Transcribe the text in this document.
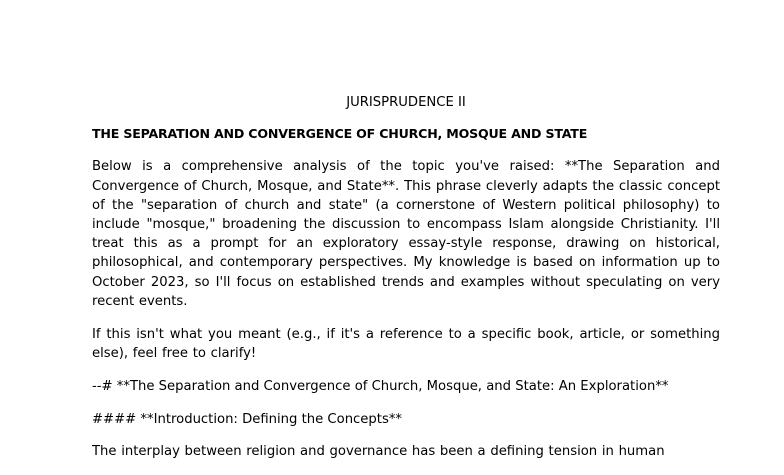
JURISPRUDENCE II
THE SEPARATION AND CONVERGENCE OF CHURCH, MOSQUE AND STATE
Below is a comprehensive analysis of the topic you've raised: **The Separation and Convergence of Church, Mosque, and State**. This phrase cleverly adapts the classic concept of the "separation of church and state" (a cornerstone of Western political philosophy) to include "mosque," broadening the discussion to encompass Islam alongside Christianity. I'll treat this as a prompt for an exploratory essay-style response, drawing on historical, philosophical, and contemporary perspectives. My knowledge is based on information up to October 2023, so I'll focus on established trends and examples without speculating on very recent events.
If this isn't what you meant (e.g., if it's a reference to a specific book, article, or something else), feel free to clarify!
--# **The Separation and Convergence of Church, Mosque, and State: An Exploration**
#### **Introduction: Defining the Concepts**
The interplay between religion and governance has been a defining tension in human
